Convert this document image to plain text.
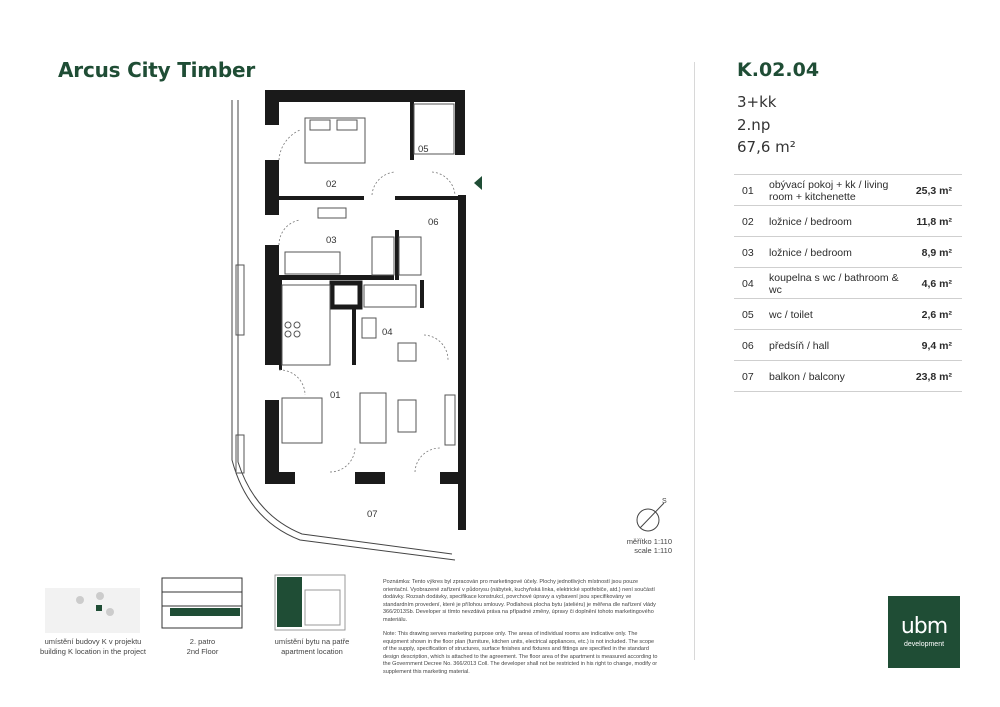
Arcus City Timber	K.02.04
3+kk
2.np
67,6 m²
01 obývací pokoj + kk / living room + kitchenette	25,3 m²
02 ložnice / bedroom	11,8 m²
03 ložnice / bedroom	8,9 m²
04 koupelna s wc / bathroom & wc	4,6 m²
05 wc / toilet	2,6 m²
06 předsíň / hall	9,4 m²
07 balkon / balcony	23,8 m²
02
03
06
05
04
01
07
S
měřítko 1:110
scale 1:110
umístění budovy K v projektu
building K location in the project
2. patro
2nd Floor
umístění bytu na patře
apartment location
Poznámka: Tento výkres byl zpracován pro marketingové účely. Plochy jednotlivých místností jsou pouze orientační. Vyobrazené zařízení v půdorysu (nábytek, kuchyňská linka, elektrické spotřebiče, atd.) není součástí dodávky. Rozsah dodávky, specifikace konstrukcí, povrchové úpravy a vybavení jsou specifikovány ve standardním provedení, které je přílohou smlouvy. Podlahová plocha bytu (ateliéru) je měřena dle nařízení vlády 366/2013Sb. Developer si tímto nevzdává práva na případné změny, úpravy či doplnění tohoto marketingového materiálu.
Note: This drawing serves marketing purpose only. The areas of individual rooms are indicative only. The equipment shown in the floor plan (furniture, kitchen units, electrical appliances, etc.) is not included. The scope of the supply, specification of structures, surface finishes and fixtures and fittings are specified in the standard design description, which is attached to the agreement. The floor area of the apartment is measured according to the Government Decree No. 366/2013 Coll. The developer shall not be restricted in his right to change, modify or supplement this marketing material.
ubm
development
